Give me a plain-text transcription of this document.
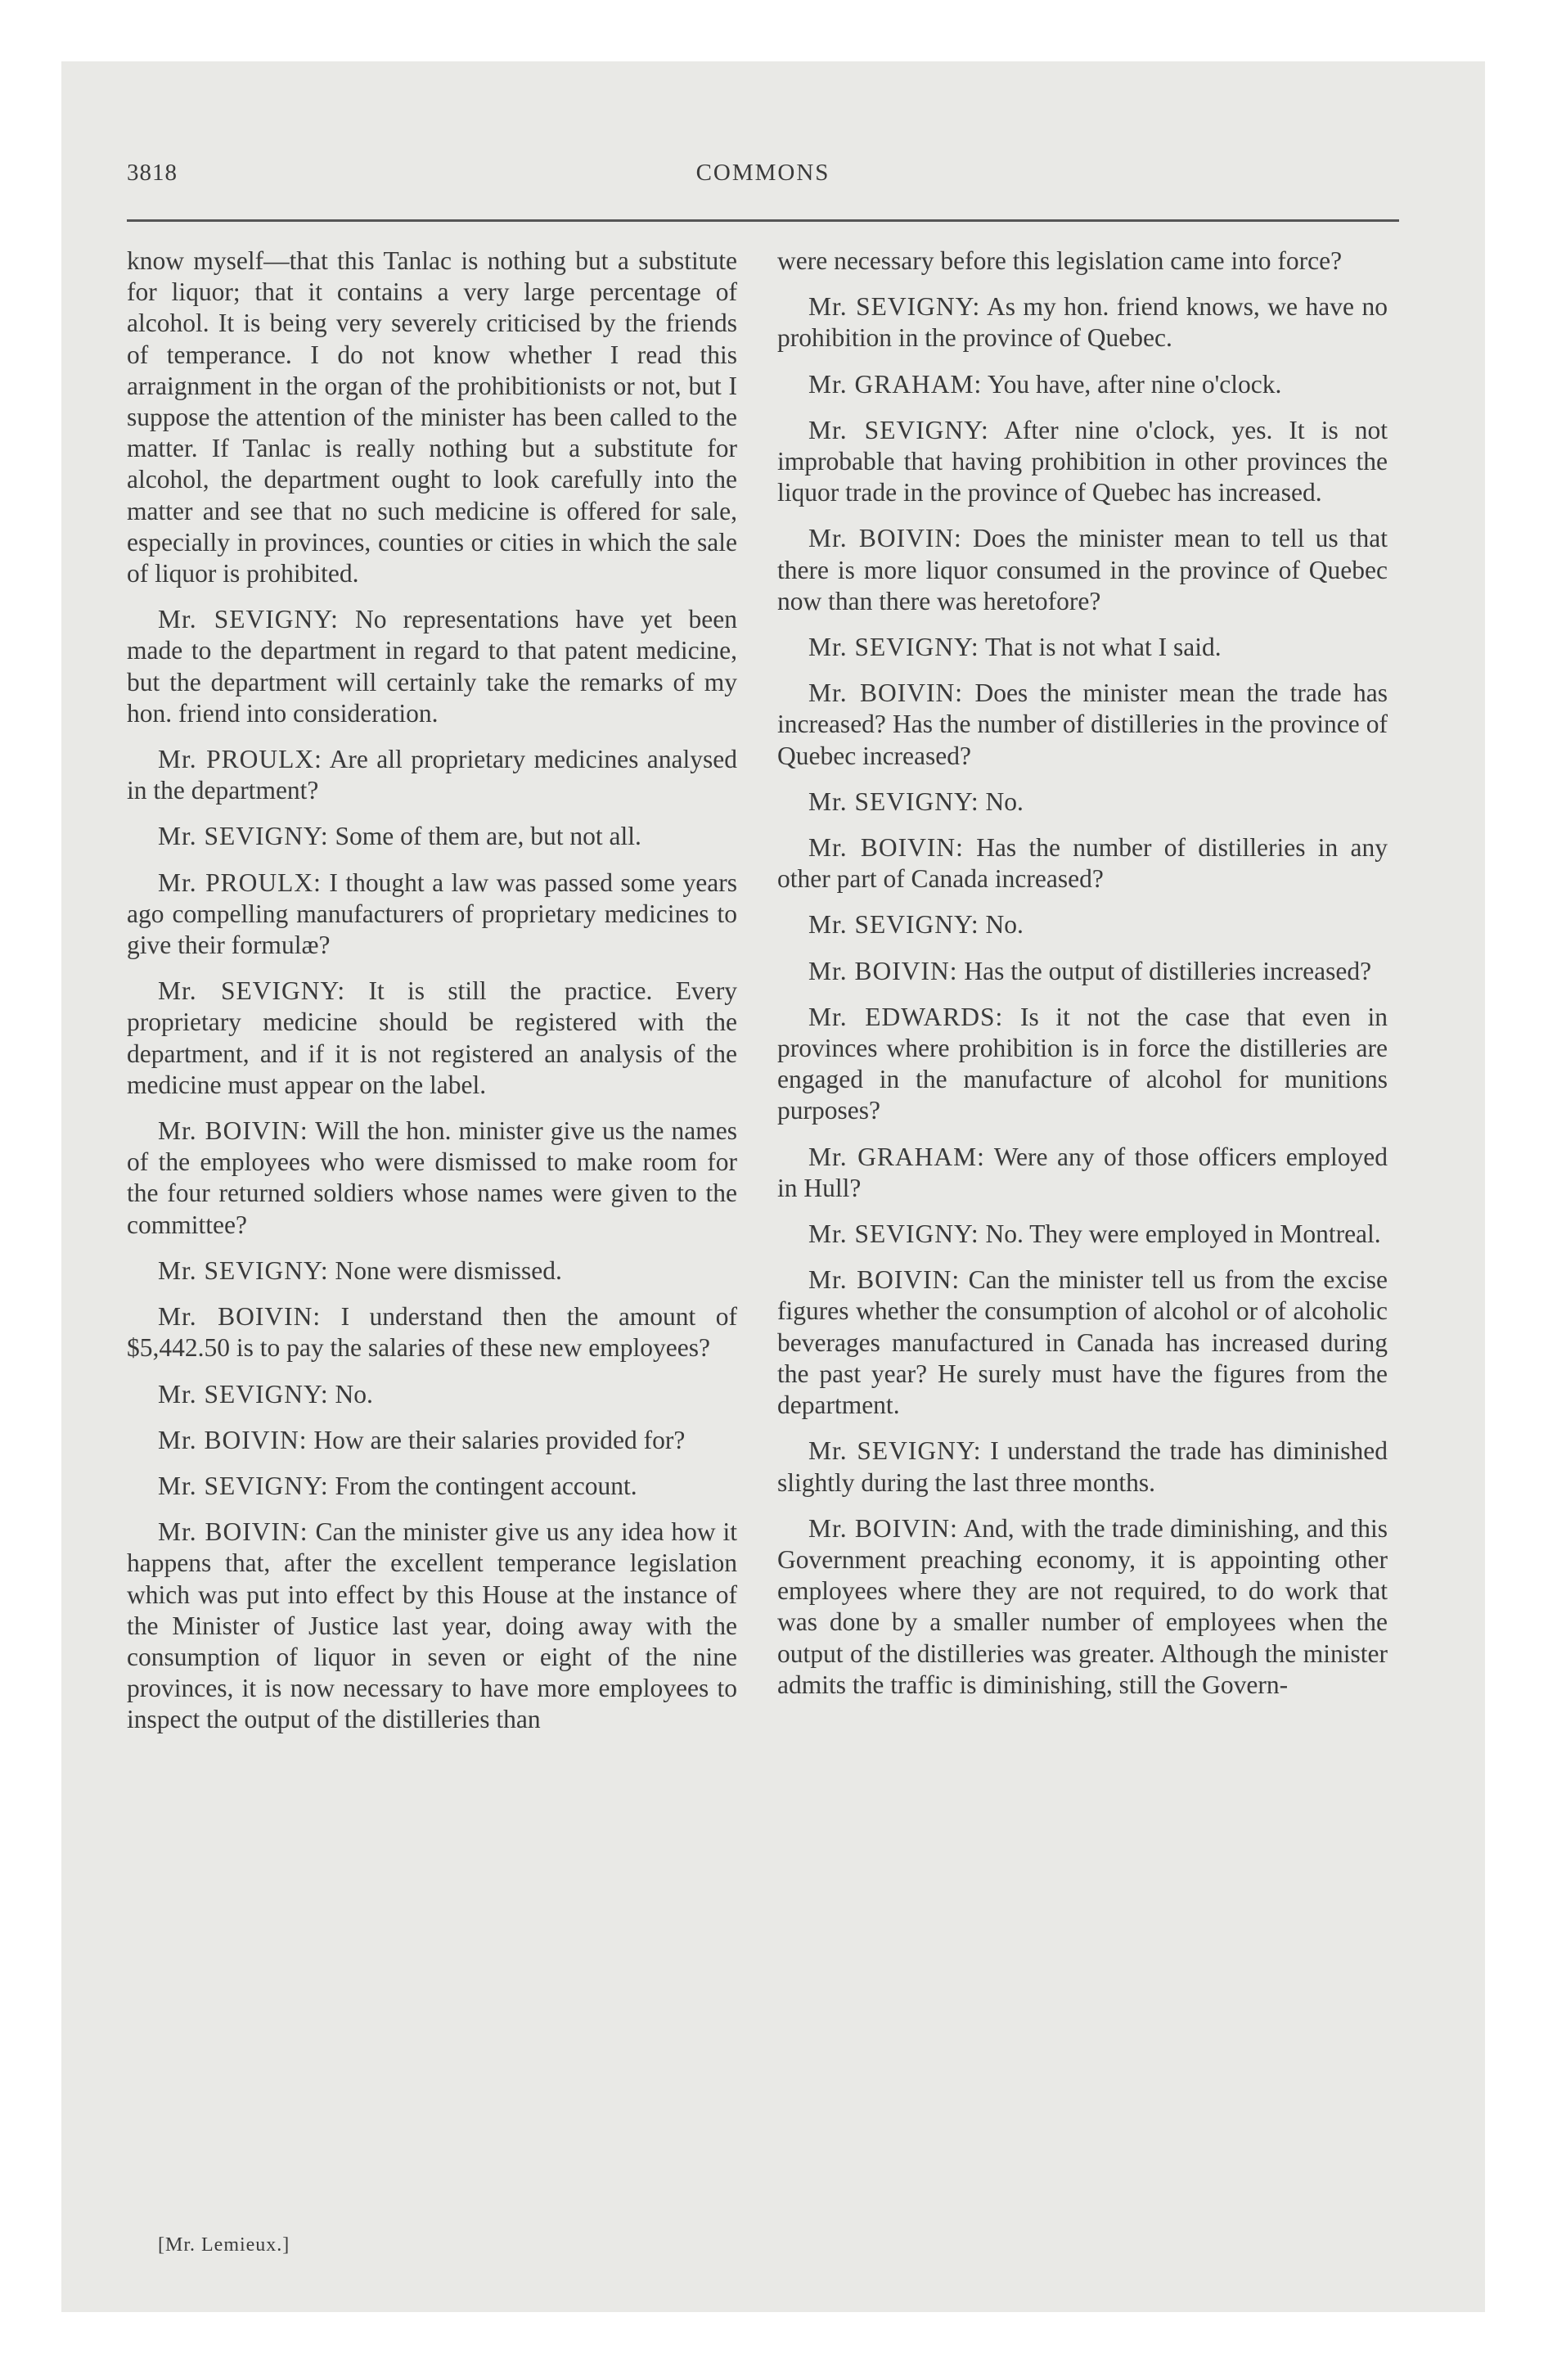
3818	COMMONS

know myself—that this Tanlac is nothing but a substitute for liquor; that it contains a very large percentage of alcohol. It is being very severely criticised by the friends of temperance. I do not know whether I read this arraignment in the organ of the prohibitionists or not, but I suppose the attention of the minister has been called to the matter. If Tanlac is really nothing but a substitute for alcohol, the department ought to look carefully into the matter and see that no such medicine is offered for sale, especially in provinces, counties or cities in which the sale of liquor is prohibited.

Mr. SEVIGNY: No representations have yet been made to the department in regard to that patent medicine, but the department will certainly take the remarks of my hon. friend into consideration.

Mr. PROULX: Are all proprietary medicines analysed in the department?

Mr. SEVIGNY: Some of them are, but not all.

Mr. PROULX: I thought a law was passed some years ago compelling manufacturers of proprietary medicines to give their formulæ?

Mr. SEVIGNY: It is still the practice. Every proprietary medicine should be registered with the department, and if it is not registered an analysis of the medicine must appear on the label.

Mr. BOIVIN: Will the hon. minister give us the names of the employees who were dismissed to make room for the four returned soldiers whose names were given to the committee?

Mr. SEVIGNY: None were dismissed.

Mr. BOIVIN: I understand then the amount of $5,442.50 is to pay the salaries of these new employees?

Mr. SEVIGNY: No.

Mr. BOIVIN: How are their salaries provided for?

Mr. SEVIGNY: From the contingent account.

Mr. BOIVIN: Can the minister give us any idea how it happens that, after the excellent temperance legislation which was put into effect by this House at the instance of the Minister of Justice last year, doing away with the consumption of liquor in seven or eight of the nine provinces, it is now necessary to have more employees to inspect the output of the distilleries than

were necessary before this legislation came into force?

Mr. SEVIGNY: As my hon. friend knows, we have no prohibition in the province of Quebec.

Mr. GRAHAM: You have, after nine o'clock.

Mr. SEVIGNY: After nine o'clock, yes. It is not improbable that having prohibition in other provinces the liquor trade in the province of Quebec has increased.

Mr. BOIVIN: Does the minister mean to tell us that there is more liquor consumed in the province of Quebec now than there was heretofore?

Mr. SEVIGNY: That is not what I said.

Mr. BOIVIN: Does the minister mean the trade has increased? Has the number of distilleries in the province of Quebec increased?

Mr. SEVIGNY: No.

Mr. BOIVIN: Has the number of distilleries in any other part of Canada increased?

Mr. SEVIGNY: No.

Mr. BOIVIN: Has the output of distilleries increased?

Mr. EDWARDS: Is it not the case that even in provinces where prohibition is in force the distilleries are engaged in the manufacture of alcohol for munitions purposes?

Mr. GRAHAM: Were any of those officers employed in Hull?

Mr. SEVIGNY: No. They were employed in Montreal.

Mr. BOIVIN: Can the minister tell us from the excise figures whether the consumption of alcohol or of alcoholic beverages manufactured in Canada has increased during the past year? He surely must have the figures from the department.

Mr. SEVIGNY: I understand the trade has diminished slightly during the last three months.

Mr. BOIVIN: And, with the trade diminishing, and this Government preaching economy, it is appointing other employees where they are not required, to do work that was done by a smaller number of employees when the output of the distilleries was greater. Although the minister admits the traffic is diminishing, still the Govern-

[Mr. Lemieux.]
